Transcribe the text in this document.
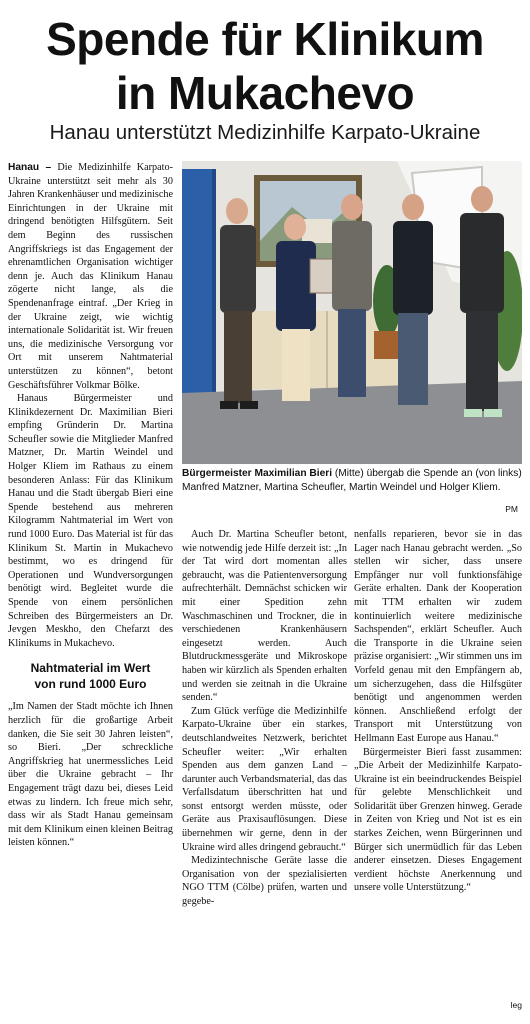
Spende für Klinikum
in Mukachevo
Hanau unterstützt Medizinhilfe Karpato-Ukraine

Hanau – Die Medizinhilfe Karpato-Ukraine unterstützt seit mehr als 30 Jahren Krankenhäuser und medizinische Einrichtungen in der Ukraine mit dringend benötigten Hilfsgütern. Seit dem Beginn des russischen Angriffskriegs ist das Engagement der ehrenamtlichen Organisation wichtiger denn je. Auch das Klinikum Hanau zögerte nicht lange, als die Spendenanfrage eintraf. „Der Krieg in der Ukraine zeigt, wie wichtig internationale Solidarität ist. Wir freuen uns, die medizinische Versorgung vor Ort mit unserem Nahtmaterial unterstützen zu können“, betont Geschäftsführer Volkmar Bölke.

Hanaus Bürgermeister und Klinikdezernent Dr. Maximilian Bieri empfing Gründerin Dr. Martina Scheufler sowie die Mitglieder Manfred Matzner, Dr. Martin Weindel und Holger Kliem im Rathaus zu einem besonderen Anlass: Für das Klinikum Hanau und die Stadt übergab Bieri eine Spende bestehend aus mehreren Kilogramm Nahtmaterial im Wert von rund 1000 Euro. Das Material ist für das Klinikum St. Martin in Mukachevo bestimmt, wo es dringend für Operationen und Wundversorgungen benötigt wird. Begleitet wurde die Spende von einem persönlichen Schreiben des Bürgermeisters an Dr. Jevgen Meskho, den Chefarzt des Klinikums in Mukachevo.

Nahtmaterial im Wert
von rund 1000 Euro

„Im Namen der Stadt möchte ich Ihnen herzlich für die großartige Arbeit danken, die Sie seit 30 Jahren leisten“, so Bieri. „Der schreckliche Angriffskrieg hat unermessliches Leid über die Ukraine gebracht – Ihr Engagement trägt dazu bei, dieses Leid etwas zu lindern. Ich freue mich sehr, dass wir als Stadt Hanau gemeinsam mit dem Klinikum einen kleinen Beitrag leisten können.“

Bürgermeister Maximilian Bieri (Mitte) übergab die Spende an (von links) Manfred Matzner, Martina Scheufler, Martin Weindel und Holger Kliem.
PM

Auch Dr. Martina Scheufler betont, wie notwendig jede Hilfe derzeit ist: „In der Tat wird dort momentan alles gebraucht, was die Patientenversorgung aufrechterhält. Demnächst schicken wir mit einer Spedition zehn Waschmaschinen und Trockner, die in verschiedenen Krankenhäusern eingesetzt werden. Auch Blutdruckmessgeräte und Mikroskope haben wir kürzlich als Spenden erhalten und werden sie zeitnah in die Ukraine senden.“

Zum Glück verfüge die Medizinhilfe Karpato-Ukraine über ein starkes, deutschlandweites Netzwerk, berichtet Scheufler weiter: „Wir erhalten Spenden aus dem ganzen Land – darunter auch Verbandsmaterial, das das Verfallsdatum überschritten hat und sonst entsorgt werden müsste, oder Geräte aus Praxisauflösungen. Diese übernehmen wir gerne, denn in der Ukraine wird alles dringend gebraucht.“

Medizintechnische Geräte lasse die Organisation von der spezialisierten NGO TTM (Cölbe) prüfen, warten und gegebe-

nenfalls reparieren, bevor sie in das Lager nach Hanau gebracht werden. „So stellen wir sicher, dass unsere Empfänger nur voll funktionsfähige Geräte erhalten. Dank der Kooperation mit TTM erhalten wir zudem kontinuierlich weitere medizinische Sachspenden“, erklärt Scheufler. Auch die Transporte in die Ukraine seien präzise organisiert: „Wir stimmen uns im Vorfeld genau mit den Empfängern ab, um sicherzugehen, dass die Hilfsgüter benötigt und angenommen werden können. Anschließend erfolgt der Transport mit Unterstützung von Hellmann East Europe aus Hanau.“

Bürgermeister Bieri fasst zusammen: „Die Arbeit der Medizinhilfe Karpato-Ukraine ist ein beeindruckendes Beispiel für gelebte Menschlichkeit und Solidarität über Grenzen hinweg. Gerade in Zeiten von Krieg und Not ist es ein starkes Zeichen, wenn Bürgerinnen und Bürger sich unermüdlich für das Leben anderer einsetzen. Dieses Engagement verdient höchste Anerkennung und unsere volle Unterstützung.“

leg
